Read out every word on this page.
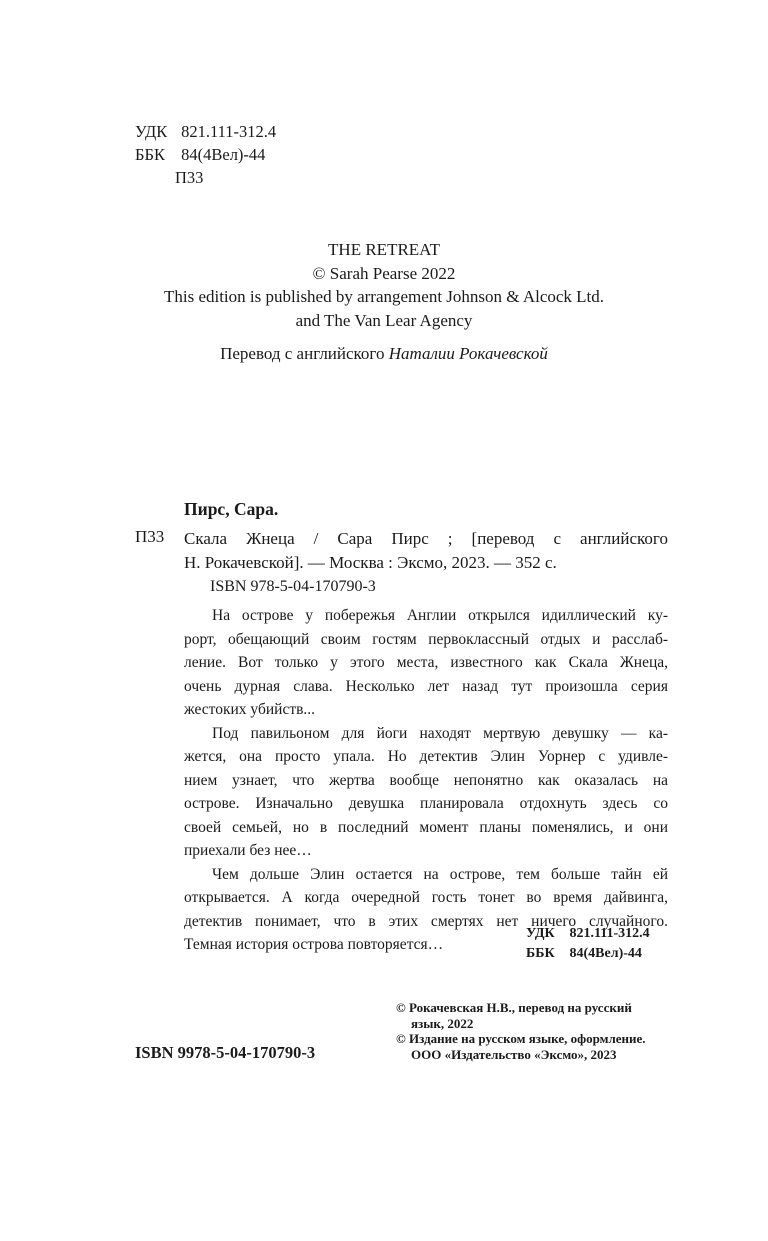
УДК 821.111-312.4
ББК 84(4Вел)-44
П33
THE RETREAT
© Sarah Pearse 2022
This edition is published by arrangement Johnson & Alcock Ltd.
and The Van Lear Agency
Перевод с английского Наталии Рокачевской
Пирс, Сара.
П33 Скала Жнеца / Сара Пирс ; [перевод с английского
Н. Рокачевской]. — Москва : Эксмо, 2023. — 352 с.
ISBN 978-5-04-170790-3

На острове у побережья Англии открылся идиллический ку-
рорт, обещающий своим гостям первоклассный отдых и расслаб-
ление. Вот только у этого места, известного как Скала Жнеца,
очень дурная слава. Несколько лет назад тут произошла серия
жестоких убийств...

Под павильоном для йоги находят мертвую девушку — ка-
жется, она просто упала. Но детектив Элин Уорнер с удивле-
нием узнает, что жертва вообще непонятно как оказалась на
острове. Изначально девушка планировала отдохнуть здесь со
своей семьей, но в последний момент планы поменялись, и они
приехали без нее…

Чем дольше Элин остается на острове, тем больше тайн ей
открывается. А когда очередной гость тонет во время дайвинга,
детектив понимает, что в этих смертях нет ничего случайного.
Темная история острова повторяется…

УДК 821.111-312.4
ББК 84(4Вел)-44
© Рокачевская Н.В., перевод на русский
язык, 2022
© Издание на русском языке, оформление.
ООО «Издательство «Эксмо», 2023
ISBN 9978-5-04-170790-3
